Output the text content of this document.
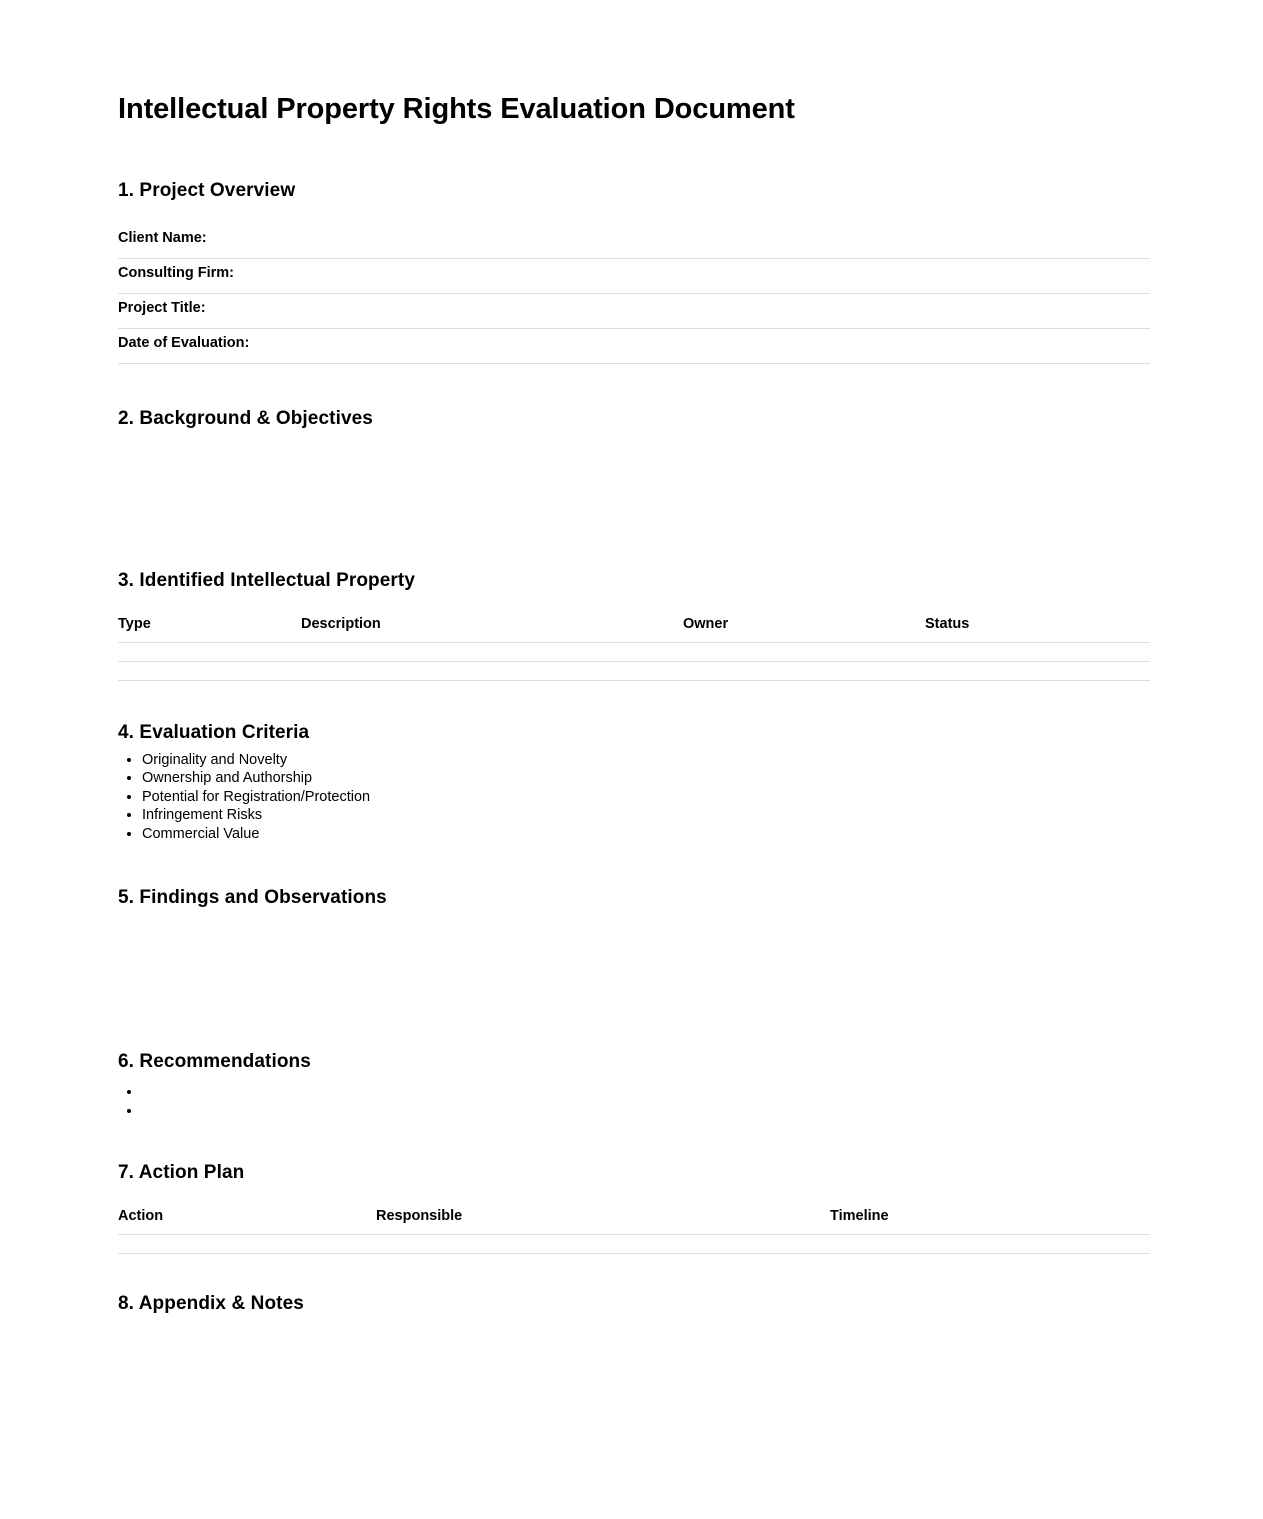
Intellectual Property Rights Evaluation Document
1. Project Overview
Client Name:	
Consulting Firm:	
Project Title:	
Date of Evaluation:	
2. Background & Objectives
3. Identified Intellectual Property
Type	Description	Owner	Status

4. Evaluation Criteria
• Originality and Novelty
• Ownership and Authorship
• Potential for Registration/Protection
• Infringement Risks
• Commercial Value
5. Findings and Observations
6. Recommendations
•
•
7. Action Plan
Action	Responsible	Timeline

8. Appendix & Notes
